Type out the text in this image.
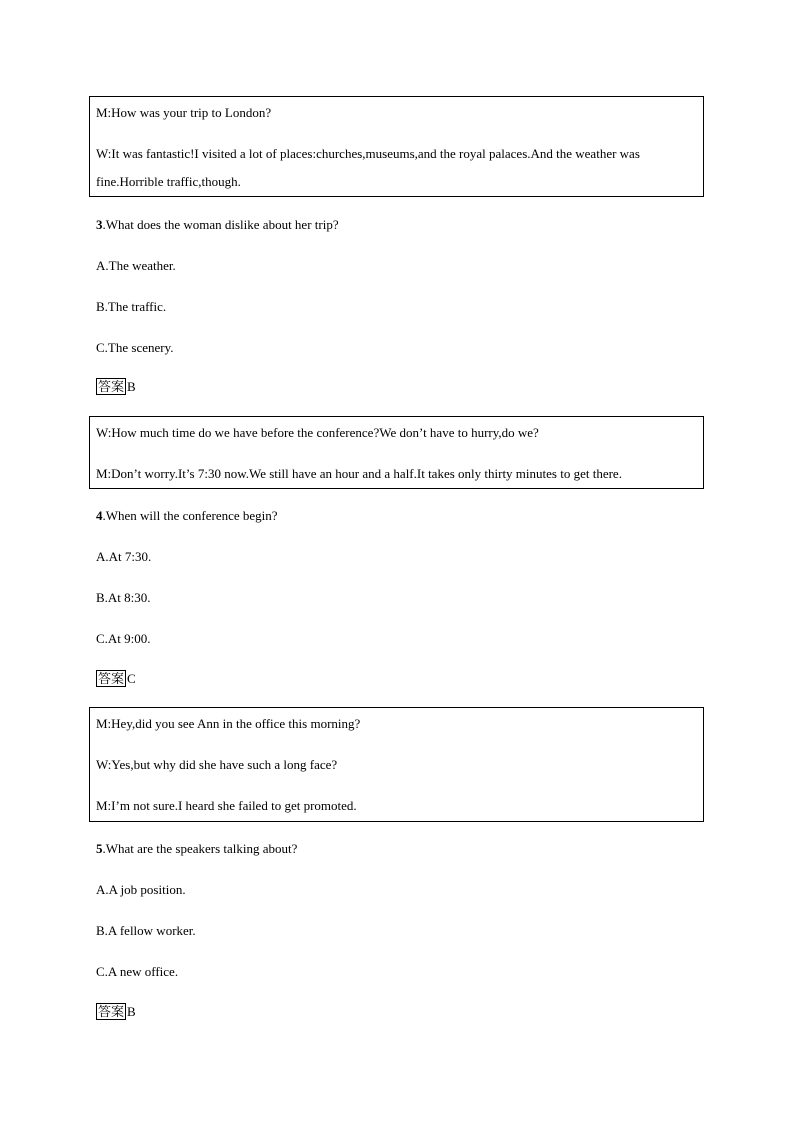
M:How was your trip to London?
W:It was fantastic!I visited a lot of places:churches,museums,and the royal palaces.And the weather was
fine.Horrible traffic,though.
3.What does the woman dislike about her trip?
A.The weather.
B.The traffic.
C.The scenery.
答案 B
W:How much time do we have before the conference?We don’t have to hurry,do we?
M:Don’t worry.It’s 7:30 now.We still have an hour and a half.It takes only thirty minutes to get there.
4.When will the conference begin?
A.At 7:30.
B.At 8:30.
C.At 9:00.
答案 C
M:Hey,did you see Ann in the office this morning?
W:Yes,but why did she have such a long face?
M:I’m not sure.I heard she failed to get promoted.
5.What are the speakers talking about?
A.A job position.
B.A fellow worker.
C.A new office.
答案 B
